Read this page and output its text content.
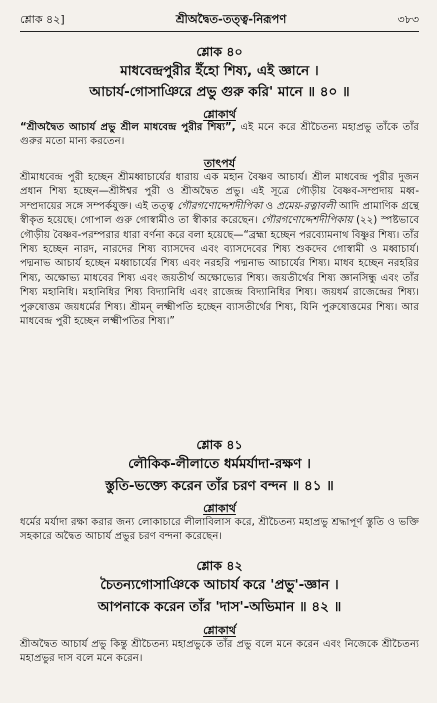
শ্লোক ৪২]	শ্রীঅদ্বৈত-তত্ত্ব-নিরূপণ	৩৮৩
শ্লোক ৪০
মাধবেন্দ্রপুরীর ইঁহো শিষ্য, এই জ্ঞানে ।
আচার্য-গোসাঞিরে প্রভু গুরু করি' মানে ॥ ৪০ ॥
শ্লোকার্থ
“শ্রীঅদ্বৈত আচার্য প্রভু শ্রীল মাধবেন্দ্র পুরীর শিষ্য”, এই মনে করে শ্রীচৈতন্য মহাপ্রভু তাঁকে তাঁর গুরুর মতো মান্য করতেন।
তাৎপর্য
শ্রীমাধবেন্দ্র পুরী হচ্ছেন শ্রীমধ্বাচার্যের ধারায় এক মহান বৈষ্ণব আচার্য। শ্রীল মাধবেন্দ্র পুরীর দুজন প্রধান শিষ্য হচ্ছেন—শ্রীঈশ্বর পুরী ও শ্রীঅদ্বৈত প্রভু। এই সূত্রে গৌড়ীয় বৈষ্ণব-সম্প্রদায় মধ্ব-সম্প্রদায়ের সঙ্গে সম্পর্কযুক্ত। এই তত্ত্ব গৌরগণোদ্দেশদীপিকা ও প্রমেয়-রত্নাবলী আদি প্রামাণিক গ্রন্থে স্বীকৃত হয়েছে। গোপাল গুরু গোস্বামীও তা স্বীকার করেছেন। গৌরগণোদ্দেশদীপিকায় (২২) স্পষ্টভাবে গৌড়ীয় বৈষ্ণব-পরম্পরার ধারা বর্ণনা করে বলা হয়েছে—“ব্রহ্মা হচ্ছেন পরব্যোমনাথ বিষ্ণুর শিষ্য। তাঁর শিষ্য হচ্ছেন নারদ, নারদের শিষ্য ব্যাসদেব এবং ব্যাসদেবের শিষ্য শুকদেব গোস্বামী ও মধ্বাচার্য। পদ্মনাভ আচার্য হচ্ছেন মধ্বাচার্যের শিষ্য এবং নরহরি পদ্মনাভ আচার্যের শিষ্য। মাধব হচ্ছেন নরহরির শিষ্য, অক্ষোভ্য মাধবের শিষ্য এবং জয়তীর্থ অক্ষোভ্যের শিষ্য। জয়তীর্থের শিষ্য জ্ঞানসিন্ধু এবং তাঁর শিষ্য মহানিধি। মহানিধির শিষ্য বিদ্যানিধি এবং রাজেন্দ্র বিদ্যানিধির শিষ্য। জয়ধর্ম রাজেন্দ্রের শিষ্য। পুরুষোত্তম জয়ধর্মের শিষ্য। শ্রীমন্ লক্ষ্মীপতি হচ্ছেন ব্যাসতীর্থের শিষ্য, যিনি পুরুষোত্তমের শিষ্য। আর মাধবেন্দ্র পুরী হচ্ছেন লক্ষ্মীপতির শিষ্য।”
শ্লোক ৪১
লৌকিক-লীলাতে ধর্মমর্যাদা-রক্ষণ ।
স্তুতি-ভক্ত্যে করেন তাঁর চরণ বন্দন ॥ ৪১ ॥
শ্লোকার্থ
ধর্মের মর্যাদা রক্ষা করার জন্য লোকাচারে লীলাবিলাস করে, শ্রীচৈতন্য মহাপ্রভু শ্রদ্ধাপূর্ণ স্তুতি ও ভক্তি সহকারে অদ্বৈত আচার্য প্রভুর চরণ বন্দনা করেছেন।
শ্লোক ৪২
চৈতন্যগোসাঞিকে আচার্য করে 'প্রভু'-জ্ঞান ।
আপনাকে করেন তাঁর 'দাস'-অভিমান ॥ ৪২ ॥
শ্লোকার্থ
শ্রীঅদ্বৈত আচার্য প্রভু কিন্তু শ্রীচৈতন্য মহাপ্রভুকে তাঁর প্রভু বলে মনে করেন এবং নিজেকে শ্রীচৈতন্য মহাপ্রভুর দাস বলে মনে করেন।
